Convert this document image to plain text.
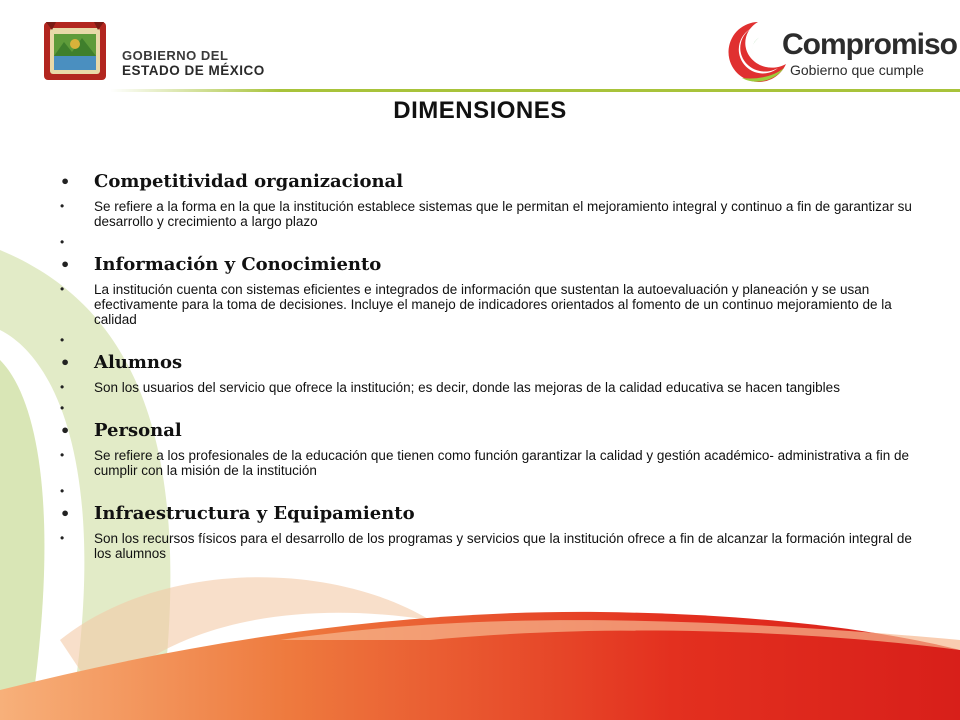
GOBIERNO DEL
ESTADO DE MÉXICO
Compromiso
Gobierno que cumple
DIMENSIONES
• Competitividad organizacional
• Se refiere a la forma en la que la institución establece sistemas que le permitan el mejoramiento integral y continuo a fin de garantizar su desarrollo y crecimiento a largo plazo
•
• Información y Conocimiento
• La institución cuenta con sistemas eficientes e integrados de información que sustentan la autoevaluación y planeación y se usan efectivamente para la toma de decisiones. Incluye el manejo de indicadores orientados al fomento de un continuo mejoramiento de la calidad
•
• Alumnos
• Son los usuarios del servicio que ofrece la institución; es decir, donde las mejoras de la calidad educativa se hacen tangibles
•
• Personal
• Se refiere a los profesionales de la educación que tienen como función garantizar la calidad y gestión académico- administrativa a fin de cumplir con la misión de la institución
•
• Infraestructura y Equipamiento
• Son los recursos físicos para el desarrollo de los programas y servicios que la institución ofrece a fin de alcanzar la formación integral de los alumnos
